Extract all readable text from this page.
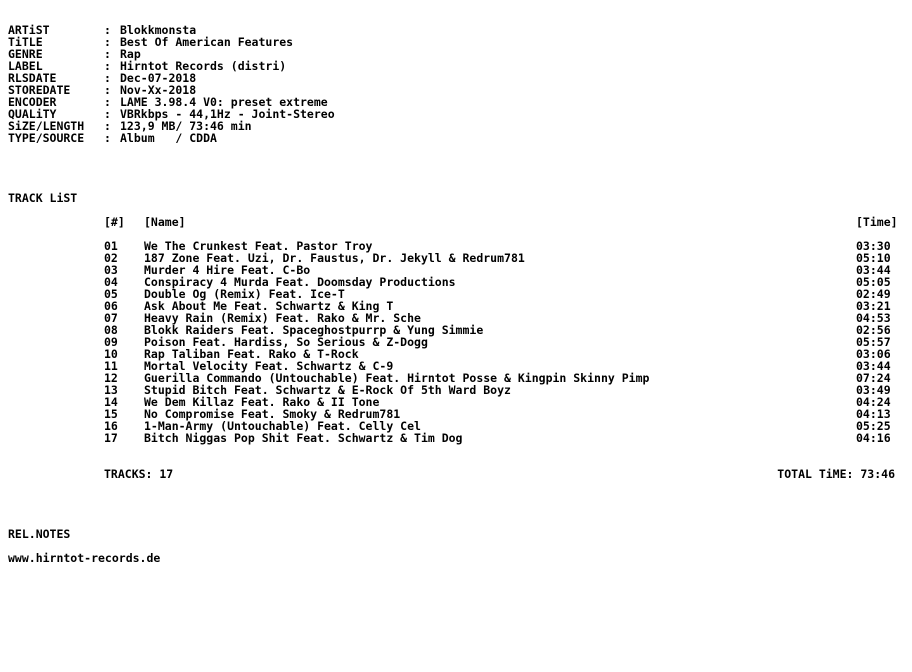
ARTiST	: Blokkmonsta
TiTLE	: Best Of American Features
GENRE	: Rap
LABEL	: Hirntot Records (distri)
RLSDATE	: Dec-07-2018
STOREDATE	: Nov-Xx-2018
ENCODER	: LAME 3.98.4 V0: preset extreme
QUALiTY	: VBRkbps - 44,1Hz - Joint-Stereo
SiZE/LENGTH : 123,9 MB/ 73:46 min
TYPE/SOURCE : Album   / CDDA
TRACK LiST
[#] [Name]	[Time]
01 We The Crunkest Feat. Pastor Troy	03:30
02 187 Zone Feat. Uzi, Dr. Faustus, Dr. Jekyll & Redrum781	05:10
03 Murder 4 Hire Feat. C-Bo	03:44
04 Conspiracy 4 Murda Feat. Doomsday Productions	05:05
05 Double Og (Remix) Feat. Ice-T	02:49
06 Ask About Me Feat. Schwartz & King T	03:21
07 Heavy Rain (Remix) Feat. Rako & Mr. Sche	04:53
08 Blokk Raiders Feat. Spaceghostpurrp & Yung Simmie	02:56
09 Poison Feat. Hardiss, So Serious & Z-Dogg	05:57
10 Rap Taliban Feat. Rako & T-Rock	03:06
11 Mortal Velocity Feat. Schwartz & C-9	03:44
12 Guerilla Commando (Untouchable) Feat. Hirntot Posse & Kingpin Skinny Pimp	07:24
13 Stupid Bitch Feat. Schwartz & E-Rock Of 5th Ward Boyz	03:49
14 We Dem Killaz Feat. Rako & II Tone	04:24
15 No Compromise Feat. Smoky & Redrum781	04:13
16 1-Man-Army (Untouchable) Feat. Celly Cel	05:25
17 Bitch Niggas Pop Shit Feat. Schwartz & Tim Dog	04:16
TRACKS: 17	TOTAL TiME: 73:46
REL.NOTES
www.hirntot-records.de
